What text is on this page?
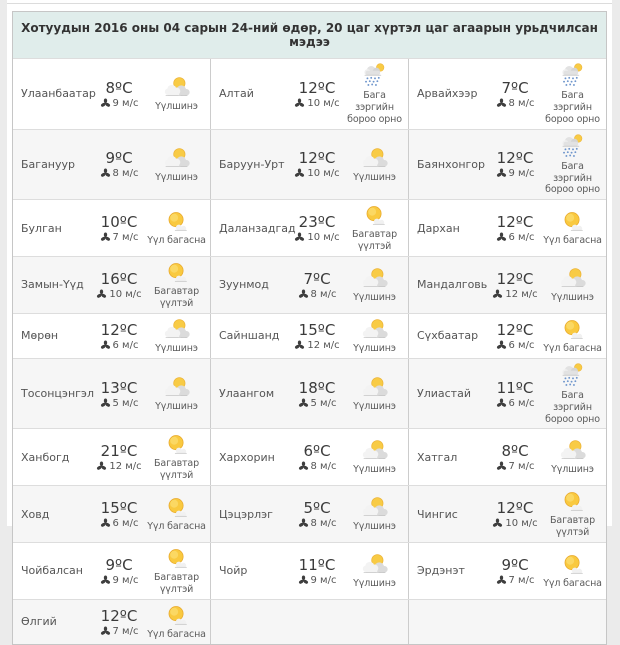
Хотуудын 2016 оны 04 сарын 24-ний өдөр, 20 цаг хүртэл цаг агаарын урьдчилсан мэдээ
Улаанбаатар 8ºС
9 м/с Үүлшинэ
Алтай	12ºС
10 м/с
Бага зэргийн бороо орно
Арвайхээр	7ºС
8 м/с
Бага зэргийн бороо орно
Багануур	9ºС
8 м/с Үүлшинэ
Баруун-Урт 12ºС
10 м/с Үүлшинэ
Баянхонгор 12ºС
9 м/с
Бага зэргийн бороо орно
Булган	10ºС
7 м/с Үүл багасна
Даланзадгад 23ºС
10 м/с	Багавтар үүлтэй
Дархан	12ºС
6 м/с Үүл багасна
Замын-Үүд	16ºС
10 м/с	Багавтар үүлтэй
Зуунмод	7ºС
8 м/с Үүлшинэ
Мандалговь 12ºС
12 м/с Үүлшинэ
Мөрөн	12ºС
6 м/с Үүлшинэ
Сайншанд	15ºС
12 м/с Үүлшинэ
Сүхбаатар	12ºС
6 м/с Үүл багасна
Тосонцэнгэл 13ºС
5 м/с Үүлшинэ
Улаангом	18ºС
5 м/с Үүлшинэ
Улиастай	11ºС
6 м/с
Бага зэргийн бороо орно
Ханбогд	21ºС
12 м/с	Багавтар үүлтэй
Хархорин	6ºС
8 м/с Үүлшинэ
Хатгал	8ºС
7 м/с Үүлшинэ
Ховд	15ºС
6 м/с Үүл багасна
Цэцэрлэг	5ºС
8 м/с Үүлшинэ
Чингис	12ºС
10 м/с	Багавтар үүлтэй
Чойбалсан	9ºС
9 м/с	Багавтар үүлтэй
Чойр	11ºС
9 м/с Үүлшинэ
Эрдэнэт	9ºС
7 м/с Үүл багасна
Өлгий	12ºС
7 м/с Үүл багасна
